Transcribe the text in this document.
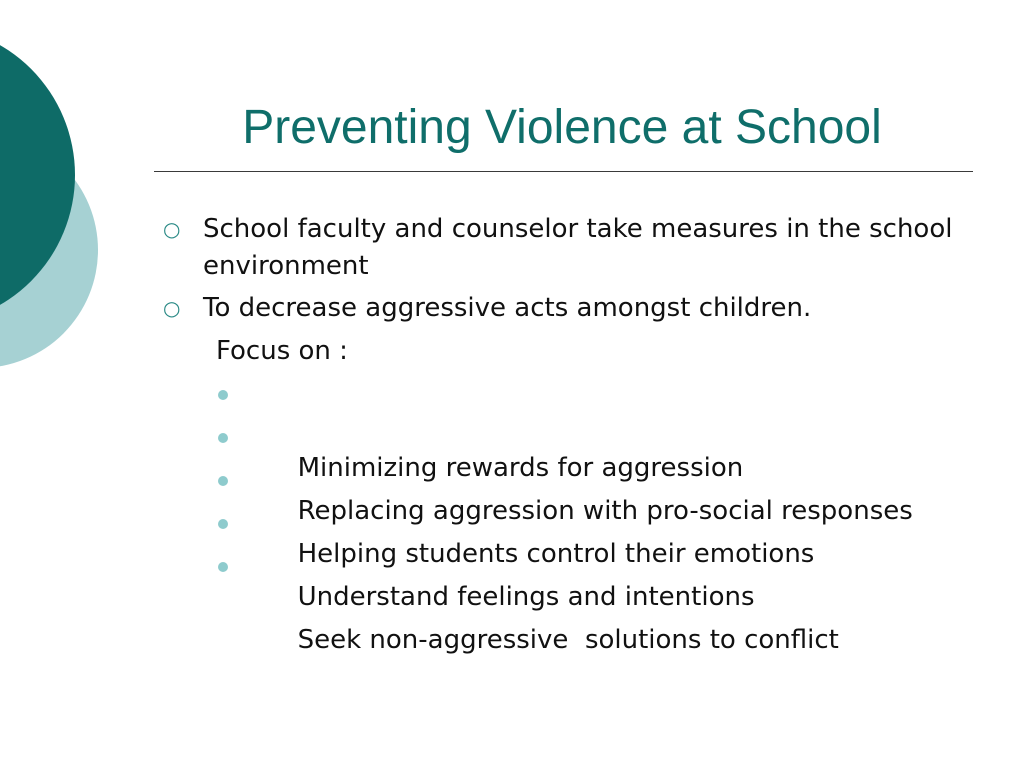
Preventing Violence at School
○ School faculty and counselor take measures in the school environment
○ To decrease aggressive acts amongst children.
Focus on :

Minimizing rewards for aggression

Replacing aggression with pro-social responses

Helping students control their emotions

Understand feelings and intentions

Seek non-aggressive  solutions to conflict
